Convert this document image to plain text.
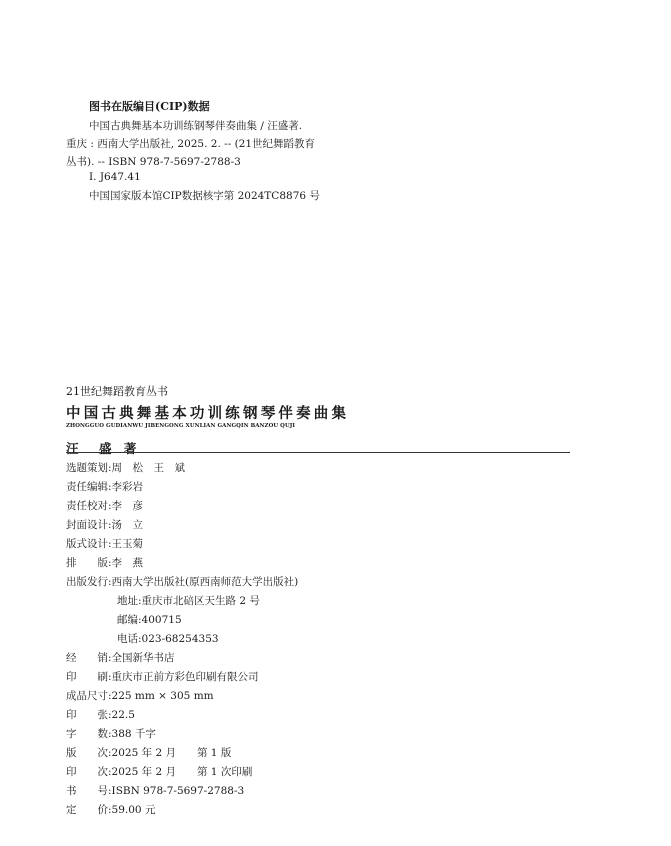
图书在版编目(CIP)数据
中国古典舞基本功训练钢琴伴奏曲集 / 汪盛著.
重庆 : 西南大学出版社, 2025. 2. -- (21世纪舞蹈教育
丛书). -- ISBN 978-7-5697-2788-3
Ⅰ. J647.41
中国国家版本馆CIP数据核字第 2024TC8876 号
21世纪舞蹈教育丛书
中国古典舞基本功训练钢琴伴奏曲集
ZHONGGUO GUDIANWU JIBENGONG XUNLIAN GANGQIN BANZOU QUJI
汪　盛 著
选题策划:周　松　王　斌
责任编辑:李彩岩
责任校对:李　彦
封面设计:汤　立
版式设计:王玉菊
排　　版:李　燕
出版发行:西南大学出版社(原西南师范大学出版社)
地址:重庆市北碚区天生路 2 号
邮编:400715
电话:023-68254353
经　　销:全国新华书店
印　　刷:重庆市正前方彩色印刷有限公司
成品尺寸:225 mm × 305 mm
印　　张:22.5
字　　数:388 千字
版　　次:2025 年 2 月　　第 1 版
印　　次:2025 年 2 月　　第 1 次印刷
书　　号:ISBN 978-7-5697-2788-3
定　　价:59.00 元
